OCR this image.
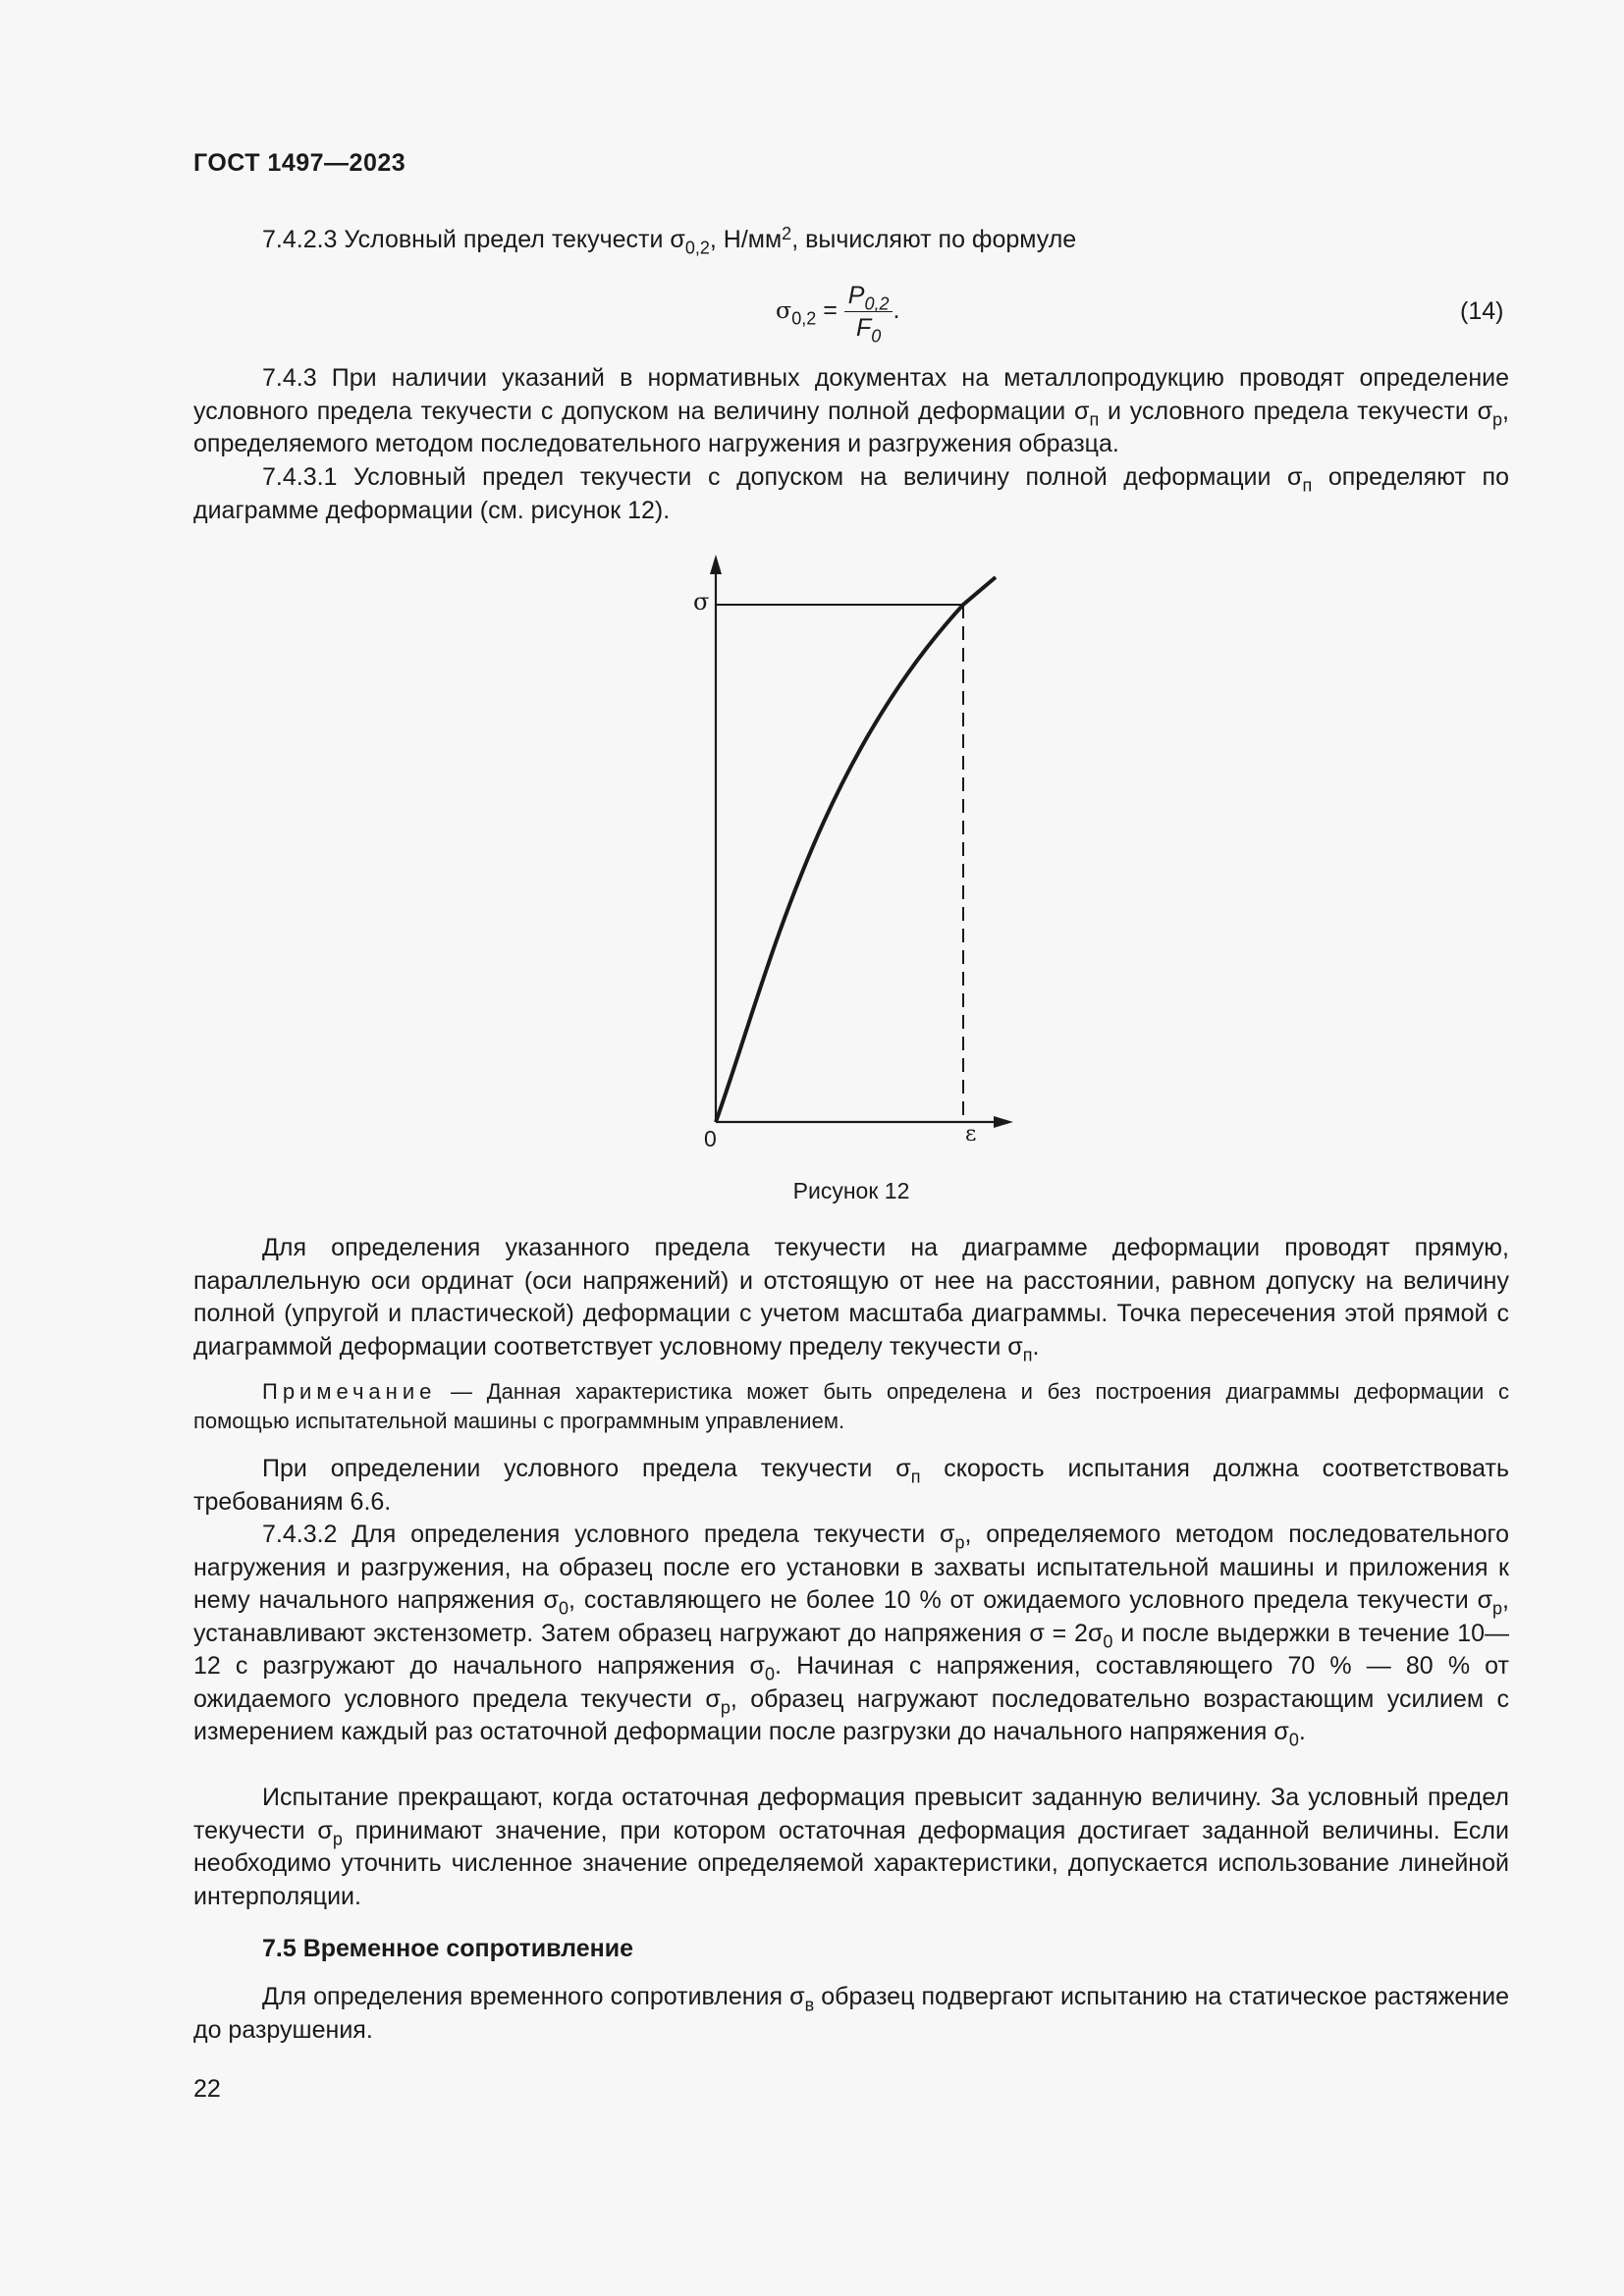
ГОСТ 1497—2023
7.4.2.3 Условный предел текучести $\sigma_{0,2}$, $Н/мм^2$, вычисляют по формуле
$\sigma_{0,2} = \frac{P_{0,2}}{F_0}$ .	(14)
7.4.3 При наличии указаний в нормативных документах на металлопродукцию проводят определение условного предела текучести с допуском на величину полной деформации $\sigma_п$ и условного предела текучести $\sigma_р$, определяемого методом последовательного нагружения и разгружения образца.
7.4.3.1 Условный предел текучести с допуском на величину полной деформации $\sigma_п$ определяют по диаграмме деформации (см. рисунок 12).
σ
ε
0
Рисунок 12
Для определения указанного предела текучести на диаграмме деформации проводят прямую, параллельную оси ординат (оси напряжений) и отстоящую от нее на расстоянии, равном допуску на величину полной (упругой и пластической) деформации с учетом масштаба диаграммы. Точка пересечения этой прямой с диаграммой деформации соответствует условному пределу текучести $\sigma_п$.
Примечание — Данная характеристика может быть определена и без построения диаграммы деформации с помощью испытательной машины с программным управлением.
При определении условного предела текучести $\sigma_п$ скорость испытания должна соответствовать требованиям 6.6.
7.4.3.2 Для определения условного предела текучести $\sigma_р$, определяемого методом последовательного нагружения и разгружения, на образец после его установки в захваты испытательной машины и приложения к нему начального напряжения $\sigma_0$, составляющего не более 10 % от ожидаемого условного предела текучести $\sigma_р$, устанавливают экстензометр. Затем образец нагружают до напряжения $\sigma = 2\sigma_0$ и после выдержки в течение 10—12 с разгружают до начального напряжения $\sigma_0$. Начиная с напряжения, составляющего 70 % — 80 % от ожидаемого условного предела текучести $\sigma_р$, образец нагружают последовательно возрастающим усилием с измерением каждый раз остаточной деформации после разгрузки до начального напряжения $\sigma_0$.
Испытание прекращают, когда остаточная деформация превысит заданную величину. За условный предел текучести $\sigma_р$ принимают значение, при котором остаточная деформация достигает заданной величины. Если необходимо уточнить численное значение определяемой характеристики, допускается использование линейной интерполяции.
7.5 Временное сопротивление
Для определения временного сопротивления $\sigma_в$ образец подвергают испытанию на статическое растяжение до разрушения.
22
